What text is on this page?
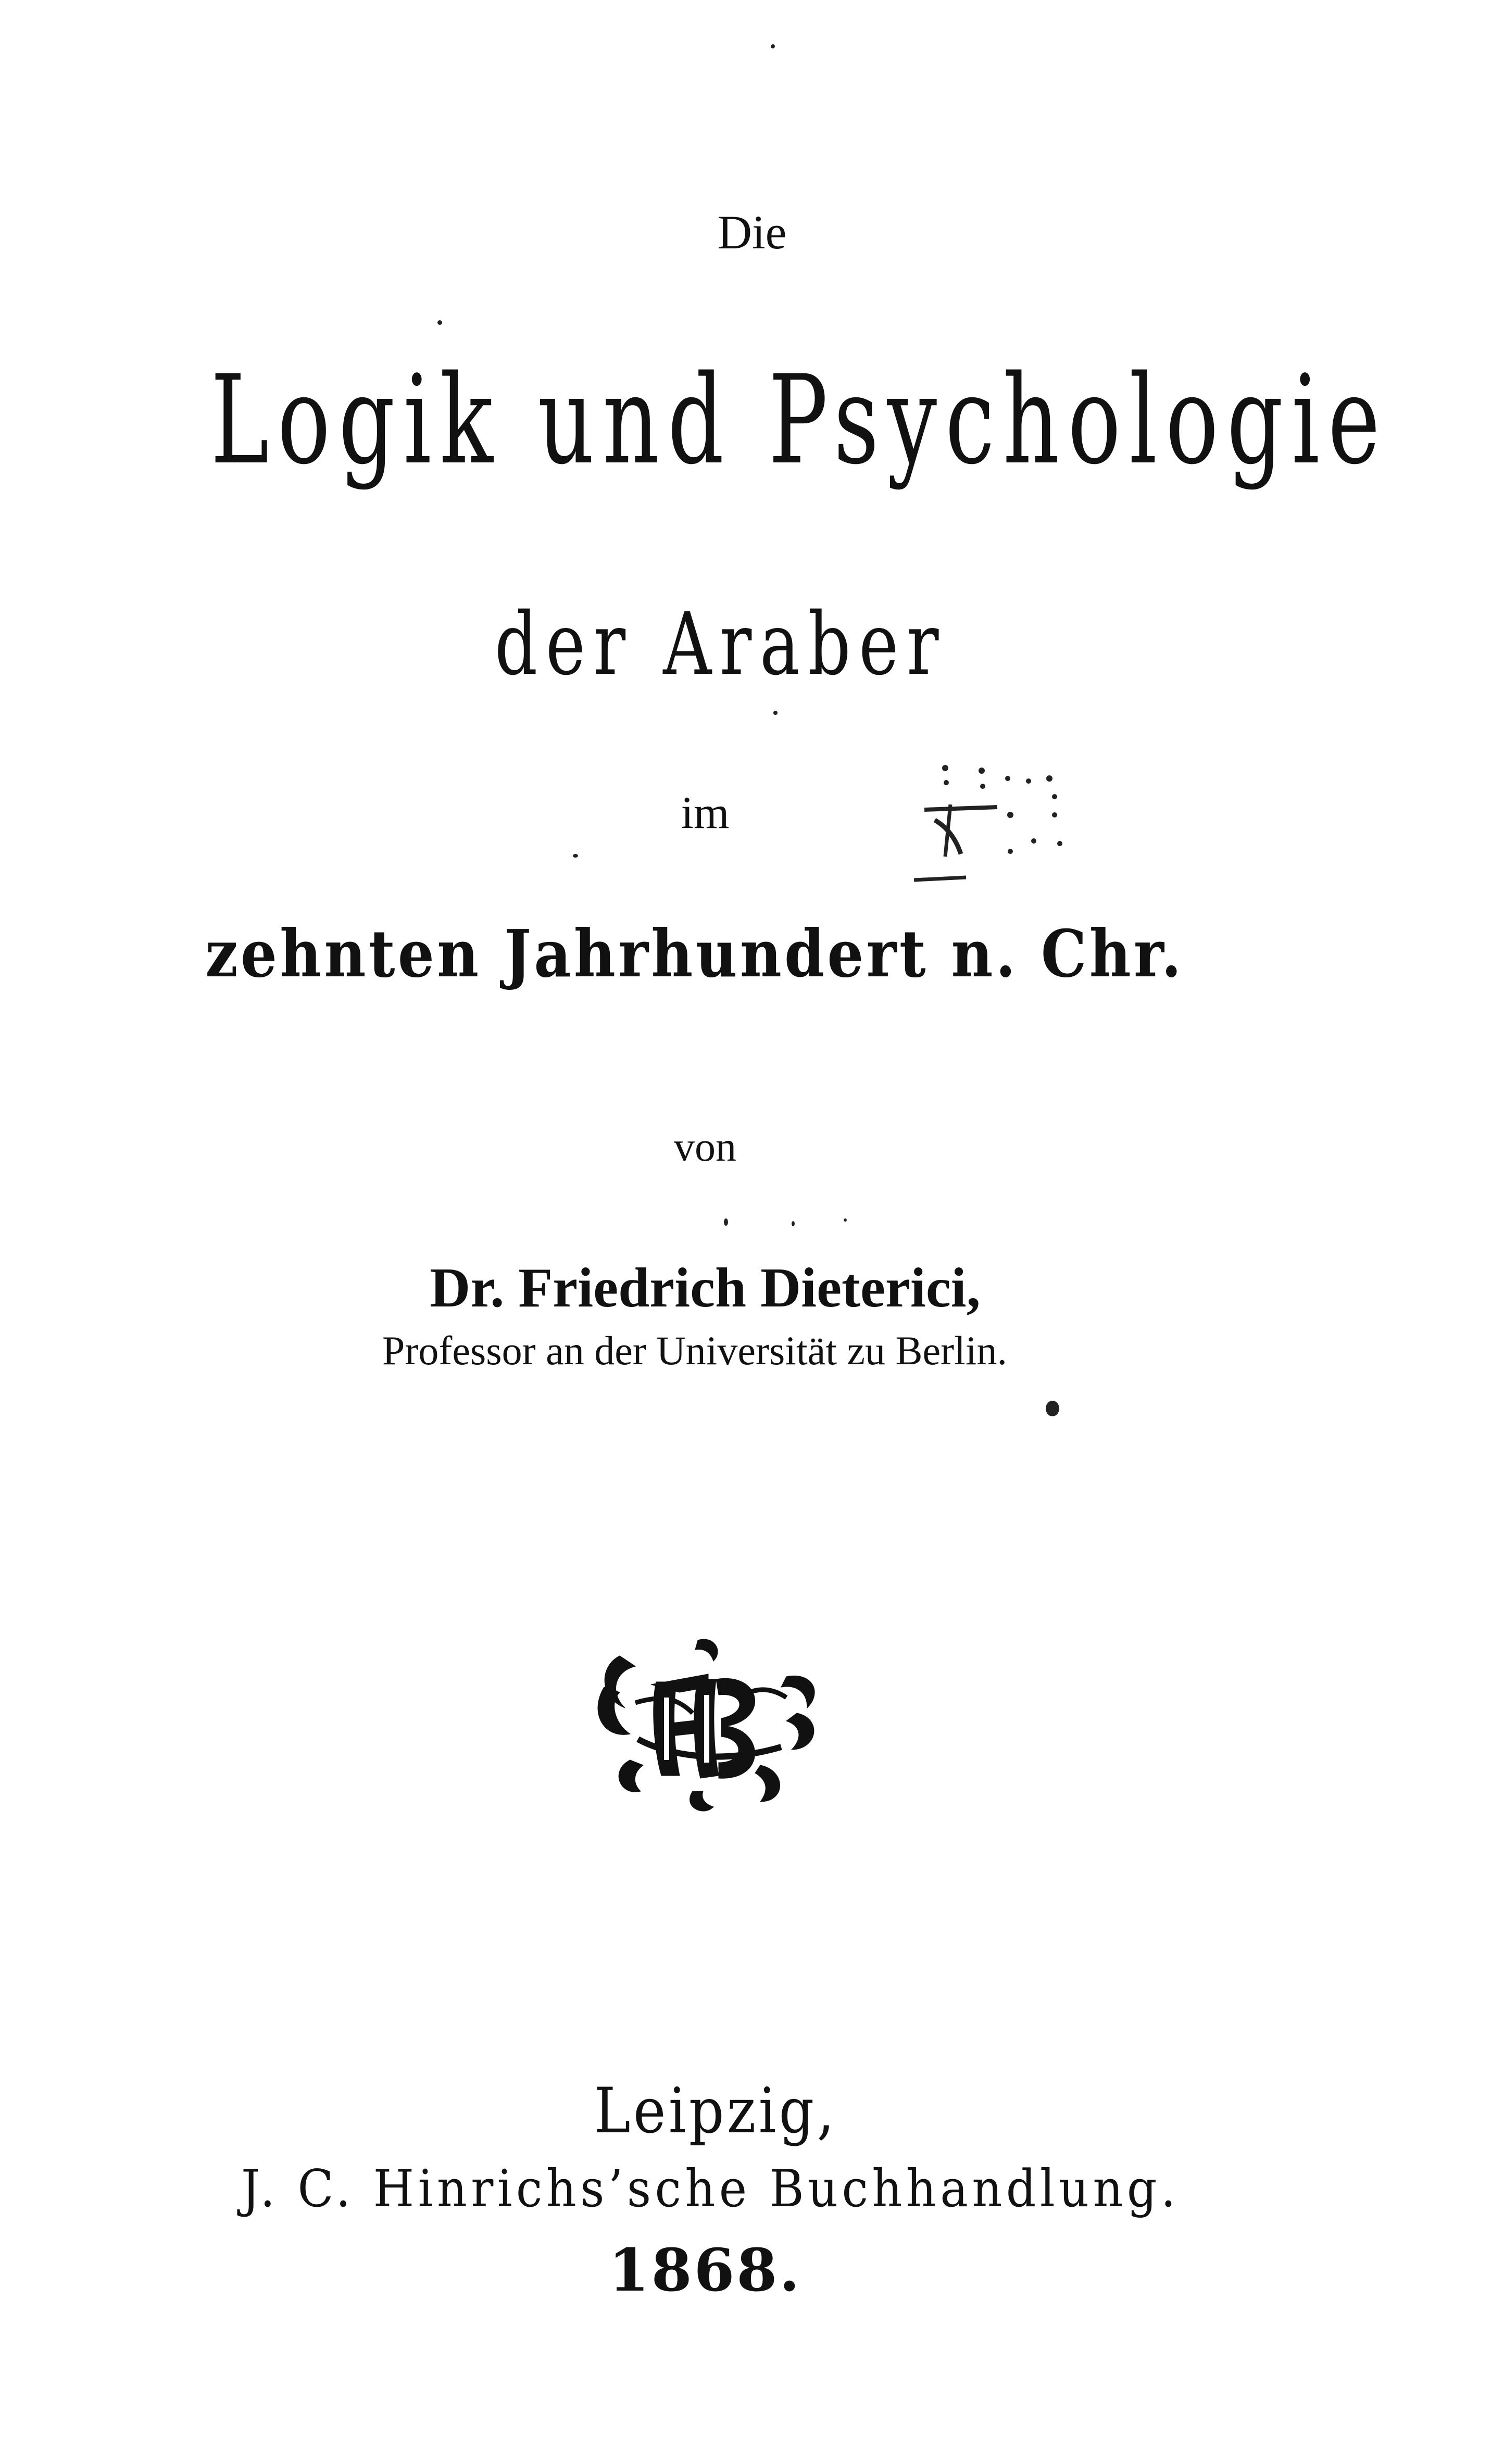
Die
Logik und Psychologie
der Araber
im
zehnten Jahrhundert n. Chr.
von
Dr. Friedrich Dieterici,
Professor an der Universität zu Berlin.
Leipzig,
J. C. Hinrichs’sche Buchhandlung.
1868.
